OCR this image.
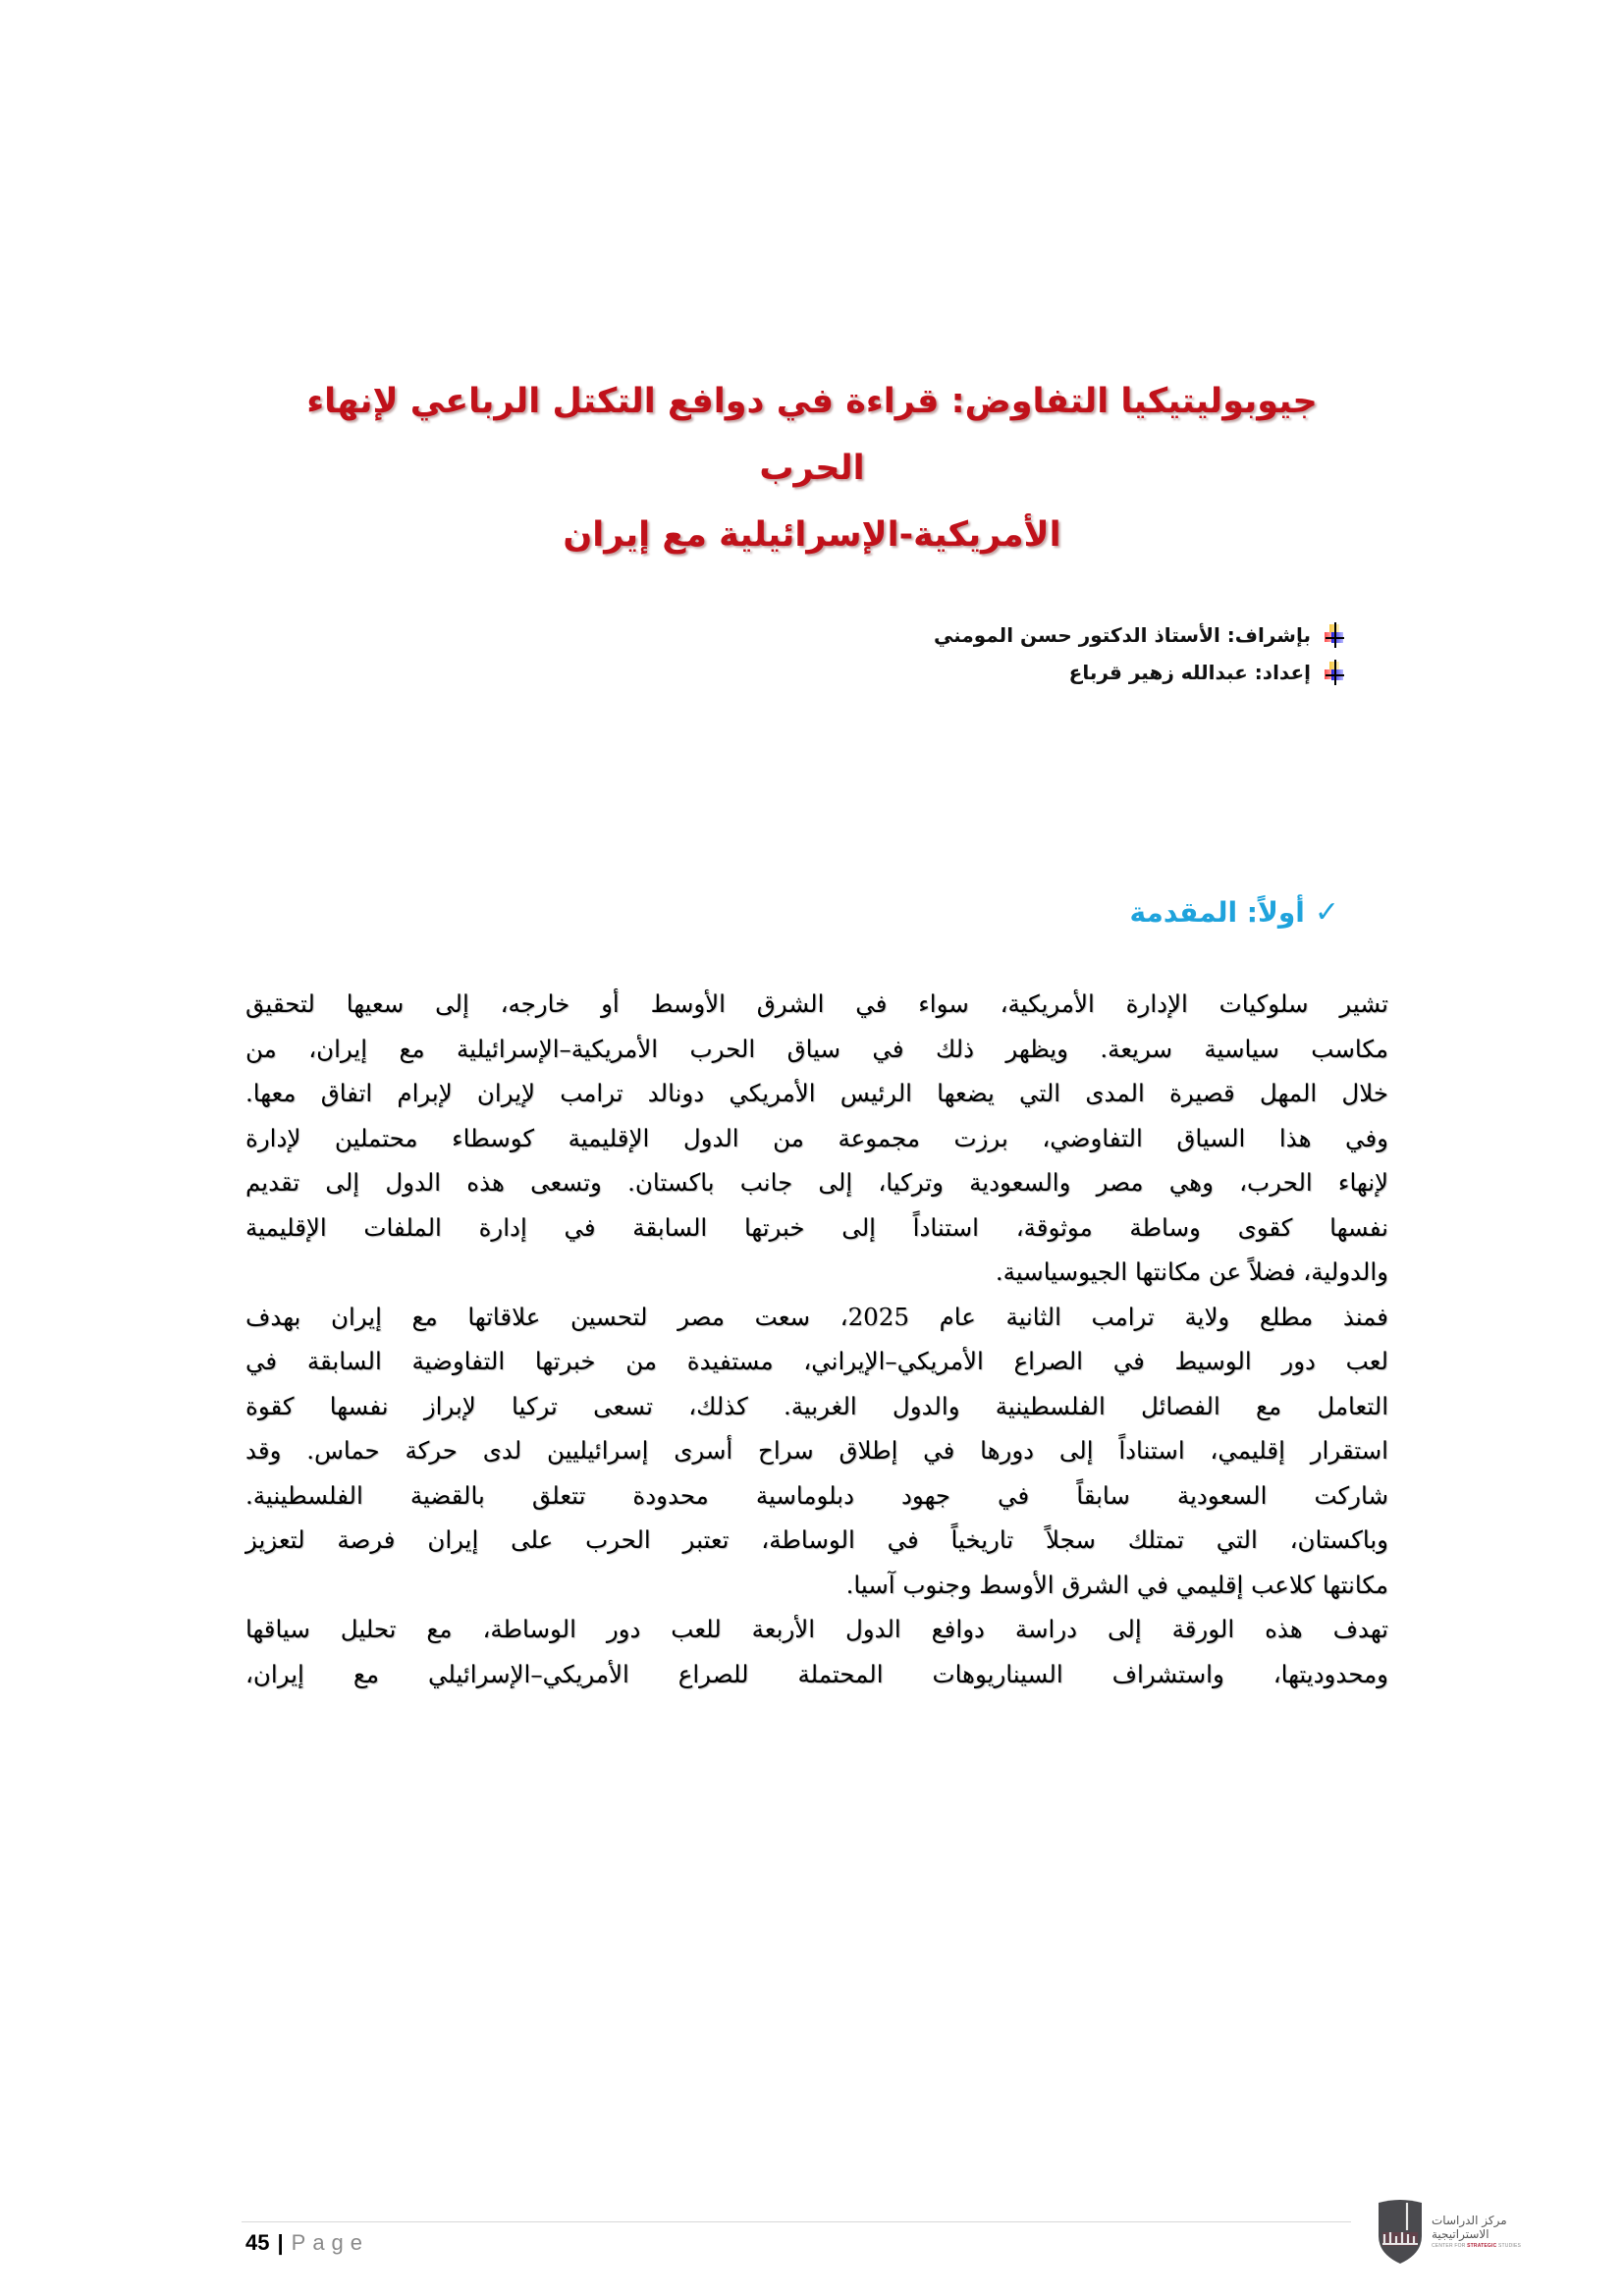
جيوبوليتيكيا التفاوض: قراءة في دوافع التكتل الرباعي لإنهاء الحرب
الأمريكية-الإسرائيلية مع إيران
بإشراف: الأستاذ الدكتور حسن المومني
إعداد: عبدالله زهير قرباع
✓
أولاً: المقدمة
تشير سلوكيات الإدارة الأمريكية، سواء في الشرق الأوسط أو خارجه، إلى سعيها لتحقيق
مكاسب سياسية سريعة. ويظهر ذلك في سياق الحرب الأمريكية–الإسرائيلية مع إيران، من
خلال المهل قصيرة المدى التي يضعها الرئيس الأمريكي دونالد ترامب لإيران لإبرام اتفاق معها.
وفي هذا السياق التفاوضي، برزت مجموعة من الدول الإقليمية كوسطاء محتملين لإدارة
لإنهاء الحرب، وهي مصر والسعودية وتركيا، إلى جانب باكستان. وتسعى هذه الدول إلى تقديم
نفسها كقوى وساطة موثوقة، استناداً إلى خبرتها السابقة في إدارة الملفات الإقليمية
والدولية، فضلاً عن مكانتها الجيوسياسية.
فمنذ مطلع ولاية ترامب الثانية عام 2025، سعت مصر لتحسين علاقاتها مع إيران بهدف
لعب دور الوسيط في الصراع الأمريكي–الإيراني، مستفيدة من خبرتها التفاوضية السابقة في
التعامل مع الفصائل الفلسطينية والدول الغربية. كذلك، تسعى تركيا لإبراز نفسها كقوة
استقرار إقليمي، استناداً إلى دورها في إطلاق سراح أسرى إسرائيليين لدى حركة حماس. وقد
شاركت السعودية سابقاً في جهود دبلوماسية محدودة تتعلق بالقضية الفلسطينية.
وباكستان، التي تمتلك سجلاً تاريخياً في الوساطة، تعتبر الحرب على إيران فرصة لتعزيز
مكانتها كلاعب إقليمي في الشرق الأوسط وجنوب آسيا.
تهدف هذه الورقة إلى دراسة دوافع الدول الأربعة للعب دور الوساطة، مع تحليل سياقها
ومحدوديتها، واستشراف السيناريوهات المحتملة للصراع الأمريكي–الإسرائيلي مع إيران،
45 | Page
مركز الدراسات
الاستراتيجية
CENTER FOR STRATEGIC STUDIES
